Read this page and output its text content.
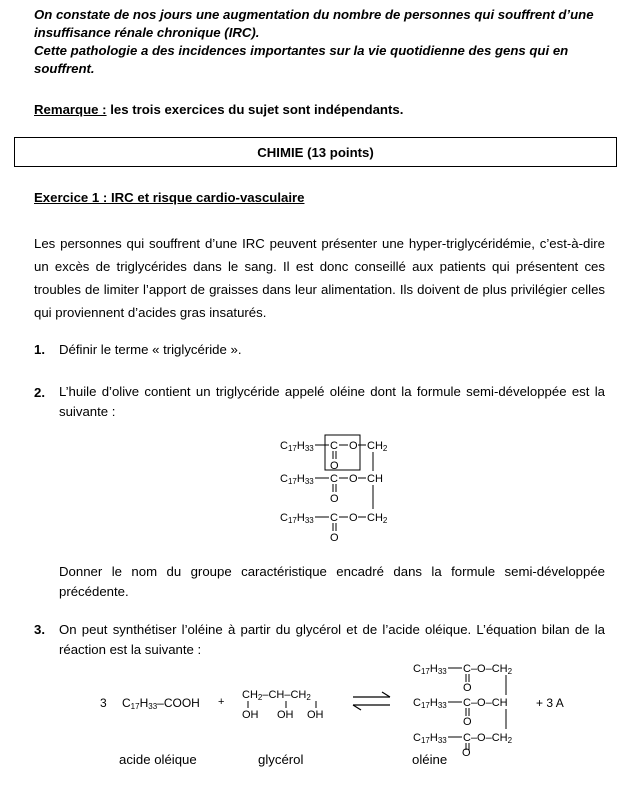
On constate de nos jours une augmentation du nombre de personnes qui souffrent d’une insuffisance rénale chronique (IRC).

Cette pathologie a des incidences importantes sur la vie quotidienne des gens qui en souffrent.

Remarque : les trois exercices du sujet sont indépendants.

CHIMIE (13 points)

Exercice 1 : IRC et risque cardio-vasculaire

Les personnes qui souffrent d’une IRC peuvent présenter une hyper-triglycéridémie, c’est-à-dire un excès de triglycérides dans le sang. Il est donc conseillé aux patients qui présentent ces troubles de limiter l’apport de graisses dans leur alimentation. Ils doivent de plus privilégier celles qui proviennent d’acides gras insaturés.

1. Définir le terme « triglycéride ».

2. L’huile d’olive contient un triglycéride appelé oléine dont la formule semi-développée est la suivante :

C17H33 C O CH2
O
C17H33 C O CH
O
C17H33 C O CH2
O

Donner le nom du groupe caractéristique encadré dans la formule semi-développée précédente.

3. On peut synthétiser l’oléine à partir du glycérol et de l’acide oléique. L’équation bilan de la réaction est la suivante :

3 C17H33–COOH +
CH2–CH–CH2
OH OH OH
C17H33 C–O–CH2
O
C17H33 C–O–CH
O
C17H33 C–O–CH2
+ 3 A
acide oléique	glycérol	oléine O
